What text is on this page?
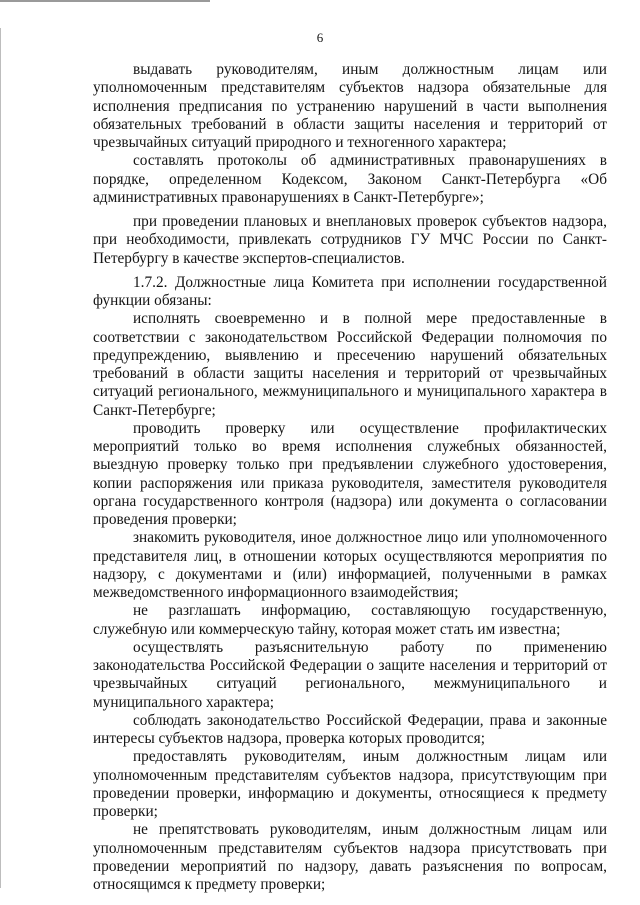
6

выдавать руководителям, иным должностным лицам или уполномоченным представителям субъектов надзора обязательные для исполнения предписания по устранению нарушений в части выполнения обязательных требований в области защиты населения и территорий от чрезвычайных ситуаций природного и техногенного характера;

составлять протоколы об административных правонарушениях в порядке, определенном Кодексом, Законом Санкт-Петербурга «Об административных правонарушениях в Санкт-Петербурге»;

при проведении плановых и внеплановых проверок субъектов надзора, при необходимости, привлекать сотрудников ГУ МЧС России по Санкт-Петербургу в качестве экспертов-специалистов.

1.7.2. Должностные лица Комитета при исполнении государственной функции обязаны:

исполнять своевременно и в полной мере предоставленные в соответствии с законодательством Российской Федерации полномочия по предупреждению, выявлению и пресечению нарушений обязательных требований в области защиты населения и территорий от чрезвычайных ситуаций регионального, межмуниципального и муниципального характера в Санкт-Петербурге;

проводить проверку или осуществление профилактических мероприятий только во время исполнения служебных обязанностей, выездную проверку только при предъявлении служебного удостоверения, копии распоряжения или приказа руководителя, заместителя руководителя органа государственного контроля (надзора) или документа о согласовании проведения проверки;

знакомить руководителя, иное должностное лицо или уполномоченного представителя лиц, в отношении которых осуществляются мероприятия по надзору, с документами и (или) информацией, полученными в рамках межведомственного информационного взаимодействия;

не разглашать информацию, составляющую государственную, служебную или коммерческую тайну, которая может стать им известна;

осуществлять разъяснительную работу по применению законодательства Российской Федерации о защите населения и территорий от чрезвычайных ситуаций регионального, межмуниципального и муниципального характера;

соблюдать законодательство Российской Федерации, права и законные интересы субъектов надзора, проверка которых проводится;

предоставлять руководителям, иным должностным лицам или уполномоченным представителям субъектов надзора, присутствующим при проведении проверки, информацию и документы, относящиеся к предмету проверки;

не препятствовать руководителям, иным должностным лицам или уполномоченным представителям субъектов надзора присутствовать при проведении мероприятий по надзору, давать разъяснения по вопросам, относящимся к предмету проверки;
